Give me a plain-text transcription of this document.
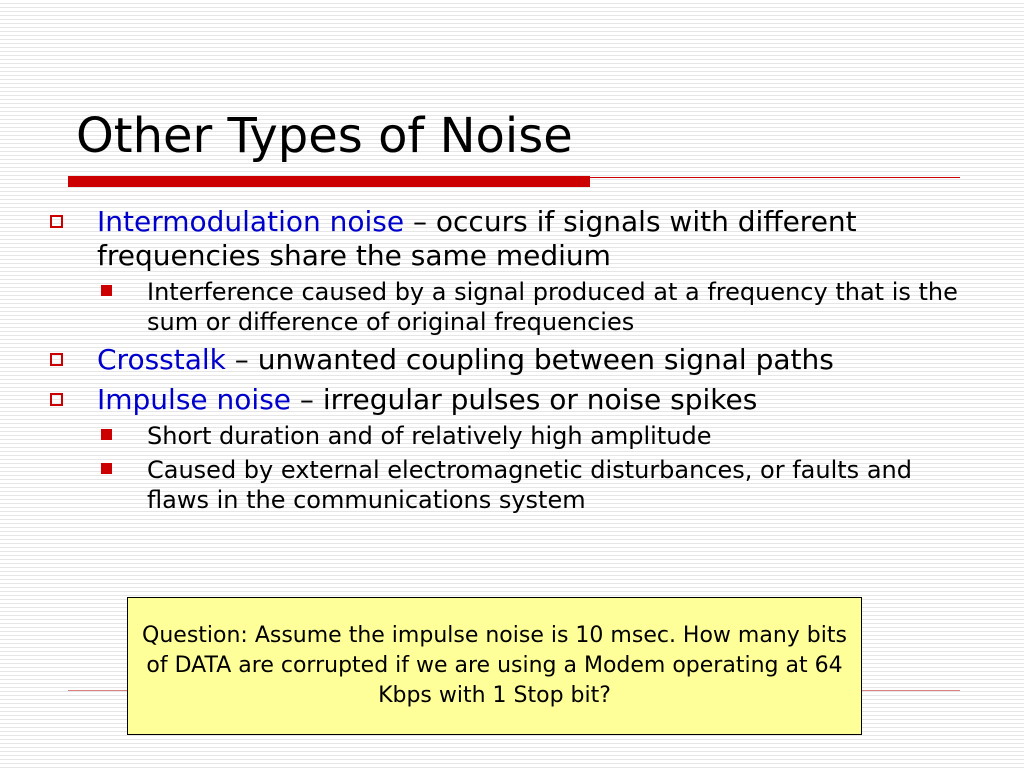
Other Types of Noise
Intermodulation noise – occurs if signals with different frequencies share the same medium
Interference caused by a signal produced at a frequency that is the sum or difference of original frequencies
Crosstalk – unwanted coupling between signal paths
Impulse noise – irregular pulses or noise spikes
Short duration and of relatively high amplitude
Caused by external electromagnetic disturbances, or faults and flaws in the communications system
Question: Assume the impulse noise is 10 msec. How many bits of DATA are corrupted if we are using a Modem operating at 64 Kbps with 1 Stop bit?
